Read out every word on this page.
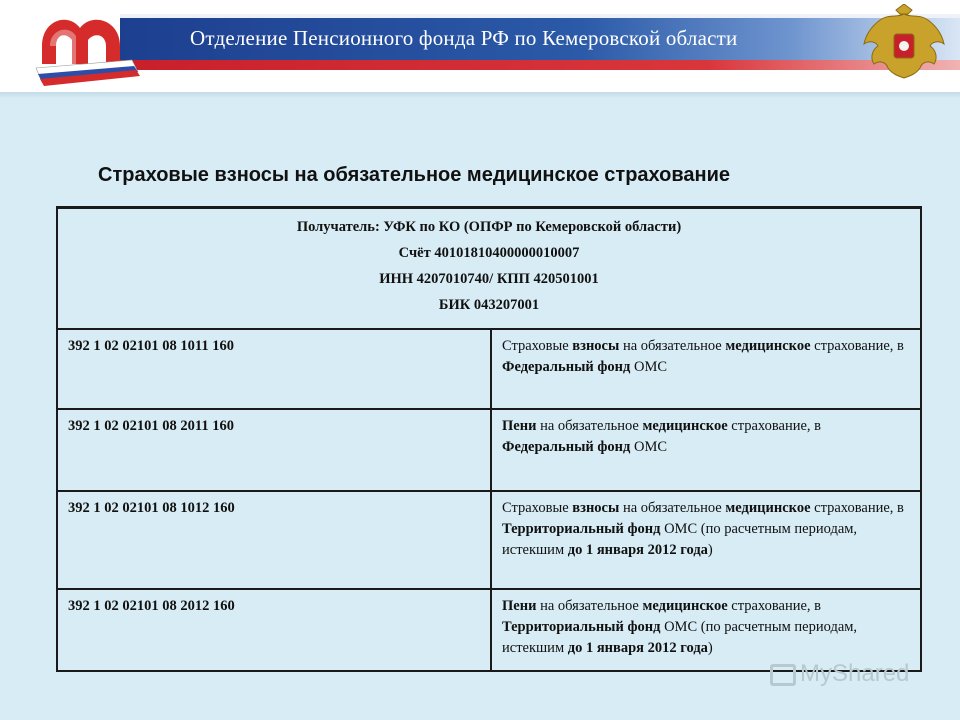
Отделение Пенсионного фонда РФ по Кемеровской области
Страховые взносы на обязательное медицинское страхование
Получатель: УФК по КО (ОПФР по Кемеровской области)
Счёт 40101810400000010007
ИНН 4207010740/ КПП 420501001
БИК 043207001	

392 1 02 02101 08 1011 160	Страховые взносы на обязательное медицинское страхование, в Федеральный фонд ОМС
392 1 02 02101 08 2011 160	Пени на обязательное медицинское страхование, в Федеральный фонд ОМС
392 1 02 02101 08 1012 160	Страховые взносы на обязательное медицинское страхование, в Территориальный фонд ОМС (по расчетным периодам, истекшим до 1 января 2012 года)
392 1 02 02101 08 2012 160	Пени на обязательное медицинское страхование, в Территориальный фонд ОМС (по расчетным периодам, истекшим до 1 января 2012 года)
MyShared
